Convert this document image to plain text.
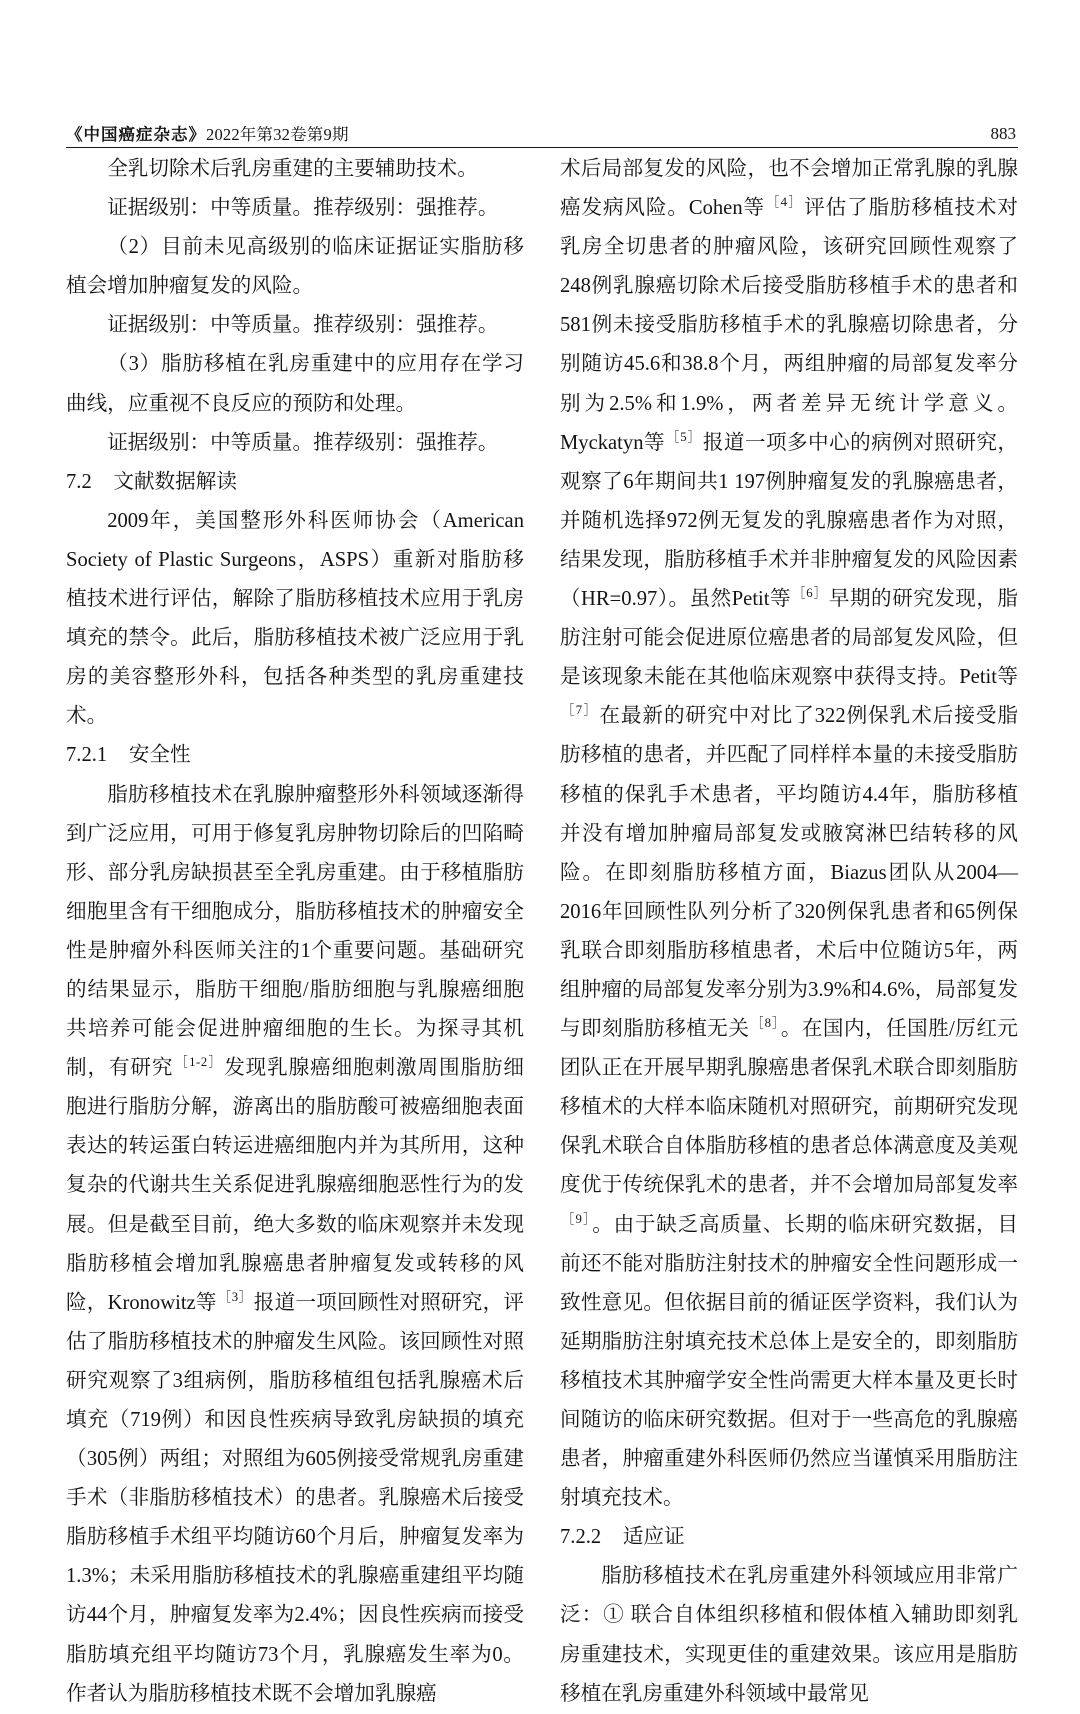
《中国癌症杂志》2022年第32卷第9期	883

全乳切除术后乳房重建的主要辅助技术。

证据级别：中等质量。推荐级别：强推荐。

（2）目前未见高级别的临床证据证实脂肪移植会增加肿瘤复发的风险。

证据级别：中等质量。推荐级别：强推荐。

（3）脂肪移植在乳房重建中的应用存在学习曲线，应重视不良反应的预防和处理。

证据级别：中等质量。推荐级别：强推荐。

7.2 文献数据解读

2009年，美国整形外科医师协会（American Society of Plastic Surgeons，ASPS）重新对脂肪移植技术进行评估，解除了脂肪移植技术应用于乳房填充的禁令。此后，脂肪移植技术被广泛应用于乳房的美容整形外科，包括各种类型的乳房重建技术。

7.2.1 安全性

脂肪移植技术在乳腺肿瘤整形外科领域逐渐得到广泛应用，可用于修复乳房肿物切除后的凹陷畸形、部分乳房缺损甚至全乳房重建。由于移植脂肪细胞里含有干细胞成分，脂肪移植技术的肿瘤安全性是肿瘤外科医师关注的1个重要问题。基础研究的结果显示，脂肪干细胞/脂肪细胞与乳腺癌细胞共培养可能会促进肿瘤细胞的生长。为探寻其机制，有研究 $^{[1-2]}$发现乳腺癌细胞刺激周围脂肪细胞进行脂肪分解，游离出的脂肪酸可被癌细胞表面表达的转运蛋白转运进癌细胞内并为其所用，这种复杂的代谢共生关系促进乳腺癌细胞恶性行为的发展。但是截至目前，绝大多数的临床观察并未发现脂肪移植会增加乳腺癌患者肿瘤复发或转移的风险，Kronowitz等 $^{[3]}$报道一项回顾性对照研究，评估了脂肪移植技术的肿瘤发生风险。该回顾性对照研究观察了3组病例，脂肪移植组包括乳腺癌术后填充（719例）和因良性疾病导致乳房缺损的填充（305例）两组；对照组为605例接受常规乳房重建手术（非脂肪移植技术）的患者。乳腺癌术后接受脂肪移植手术组平均随访60个月后，肿瘤复发率为1.3%；未采用脂肪移植技术的乳腺癌重建组平均随访44个月，肿瘤复发率为2.4%；因良性疾病而接受脂肪填充组平均随访73个月，乳腺癌发生率为0。作者认为脂肪移植技术既不会增加乳腺癌

术后局部复发的风险，也不会增加正常乳腺的乳腺癌发病风险。Cohen等 $^{[4]}$评估了脂肪移植技术对乳房全切患者的肿瘤风险，该研究回顾性观察了248例乳腺癌切除术后接受脂肪移植手术的患者和581例未接受脂肪移植手术的乳腺癌切除患者，分别随访45.6和38.8个月，两组肿瘤的局部复发率分别为2.5%和1.9%，两者差异无统计学意义。Myckatyn等 $^{[5]}$报道一项多中心的病例对照研究，观察了6年期间共1 197例肿瘤复发的乳腺癌患者，并随机选择972例无复发的乳腺癌患者作为对照，结果发现，脂肪移植手术并非肿瘤复发的风险因素（HR=0.97）。虽然Petit等 $^{[6]}$早期的研究发现，脂肪注射可能会促进原位癌患者的局部复发风险，但是该现象未能在其他临床观察中获得支持。Petit等$^{[7]}$在最新的研究中对比了322例保乳术后接受脂肪移植的患者，并匹配了同样样本量的未接受脂肪移植的保乳手术患者，平均随访4.4年，脂肪移植并没有增加肿瘤局部复发或腋窝淋巴结转移的风险。在即刻脂肪移植方面，Biazus团队从2004—2016年回顾性队列分析了320例保乳患者和65例保乳联合即刻脂肪移植患者，术后中位随访5年，两组肿瘤的局部复发率分别为3.9%和4.6%，局部复发与即刻脂肪移植无关 $^{[8]}$。在国内，任国胜/厉红元团队正在开展早期乳腺癌患者保乳术联合即刻脂肪移植术的大样本临床随机对照研究，前期研究发现保乳术联合自体脂肪移植的患者总体满意度及美观度优于传统保乳术的患者，并不会增加局部复发率$^{[9]}$。由于缺乏高质量、长期的临床研究数据，目前还不能对脂肪注射技术的肿瘤安全性问题形成一致性意见。但依据目前的循证医学资料，我们认为延期脂肪注射填充技术总体上是安全的，即刻脂肪移植技术其肿瘤学安全性尚需更大样本量及更长时间随访的临床研究数据。但对于一些高危的乳腺癌患者，肿瘤重建外科医师仍然应当谨慎采用脂肪注射填充技术。

7.2.2 适应证

脂肪移植技术在乳房重建外科领域应用非常广泛：① 联合自体组织移植和假体植入辅助即刻乳房重建技术，实现更佳的重建效果。该应用是脂肪移植在乳房重建外科领域中最常见
